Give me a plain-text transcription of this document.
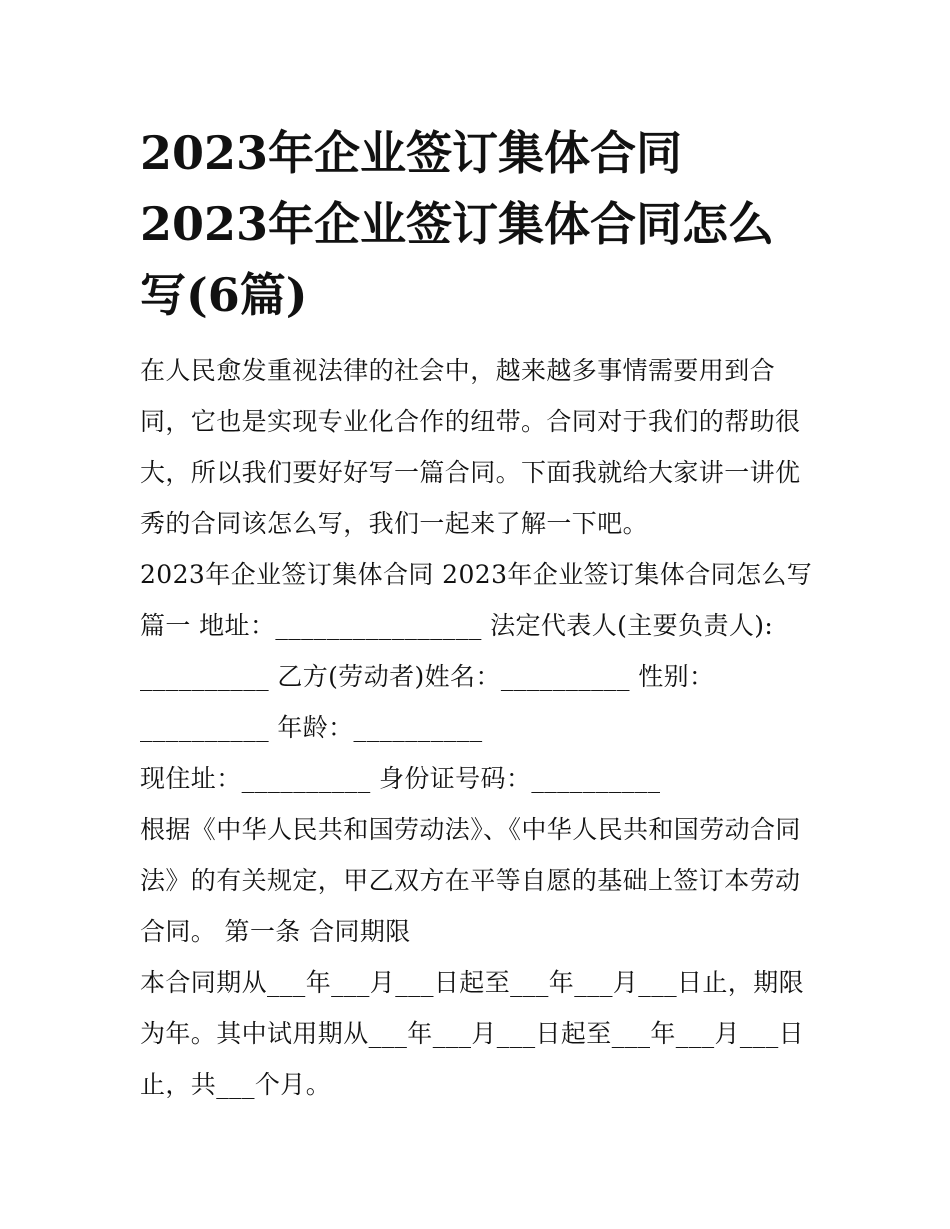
2023年企业签订集体合同
2023年企业签订集体合同怎么
写(6篇)

在人民愈发重视法律的社会中，越来越多事情需要用到合同，它也是实现专业化合作的纽带。合同对于我们的帮助很大，所以我们要好好写一篇合同。下面我就给大家讲一讲优秀的合同该怎么写，我们一起来了解一下吧。

2023年企业签订集体合同 2023年企业签订集体合同怎么写篇一 地址：________________ 法定代表人(主要负责人): __________ 乙方(劳动者)姓名：__________ 性别：__________ 年龄：__________

现住址：__________ 身份证号码：__________

根据《中华人民共和国劳动法》、《中华人民共和国劳动合同法》的有关规定，甲乙双方在平等自愿的基础上签订本劳动合同。 第一条 合同期限

本合同期从___年___月___日起至___年___月___日止，期限为年。其中试用期从___年___月___日起至___年___月___日止，共___个月。
